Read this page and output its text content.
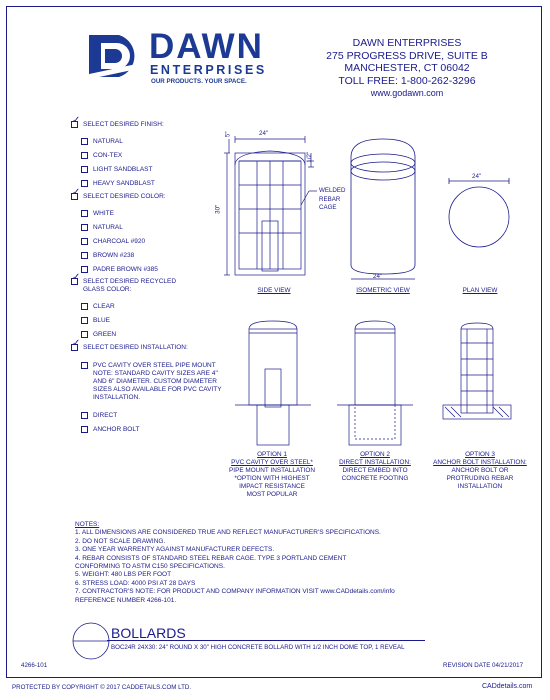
DAWN
ENTERPRISES
OUR PRODUCTS. YOUR SPACE.
DAWN ENTERPRISES
275 PROGRESS DRIVE, SUITE B
MANCHESTER, CT 06042
TOLL FREE: 1-800-262-3296
www.godawn.com
✓
SELECT DESIRED FINISH:
NATURAL
CON-TEX
LIGHT SANDBLAST
HEAVY SANDBLAST
✓
SELECT DESIRED COLOR:
WHITE
NATURAL
CHARCOAL #920
BROWN #238
PADRE BROWN #385
✓
SELECT DESIRED RECYCLED
GLASS COLOR:
CLEAR
BLUE
GREEN
✓
SELECT DESIRED INSTALLATION:
PVC CAVITY OVER STEEL PIPE MOUNT
NOTE: STANDARD CAVITY SIZES ARE 4"
AND 6" DIAMETER. CUSTOM DIAMETER
SIZES ALSO AVAILABLE FOR PVC CAVITY
INSTALLATION.
DIRECT
ANCHOR BOLT
24"
30"
5"
1/2"
WELDED
REBAR
CAGE
SIDE VIEW
24"
ISOMETRIC VIEW
24"
PLAN VIEW
OPTION 1
PVC CAVITY OVER STEEL*
PIPE MOUNT INSTALLATION
*OPTION WITH HIGHEST
IMPACT RESISTANCE
MOST POPULAR
OPTION 2
DIRECT INSTALLATION:
DIRECT EMBED INTO
CONCRETE FOOTING
OPTION 3
ANCHOR BOLT INSTALLATION:
ANCHOR BOLT OR
PROTRUDING REBAR
INSTALLATION
NOTES:
1. ALL DIMENSIONS ARE CONSIDERED TRUE AND REFLECT MANUFACTURER'S SPECIFICATIONS.
2. DO NOT SCALE DRAWING.
3. ONE YEAR WARRENTY AGAINST MANUFACTURER DEFECTS.
4. REBAR CONSISTS OF STANDARD STEEL REBAR CAGE. TYPE 3 PORTLAND CEMENT
CONFORMING TO ASTM C150 SPECIFICATIONS.
5. WEIGHT: 480 LBS PER FOOT
6. STRESS LOAD: 4000 PSI AT 28 DAYS
7. CONTRACTOR'S NOTE: FOR PRODUCT AND COMPANY INFORMATION VISIT www.CADdetails.com/info
REFERENCE NUMBER 4266-101.
BOLLARDS
BOC24R 24X30: 24" ROUND X 30" HIGH CONCRETE BOLLARD WITH 1/2 INCH DOME TOP, 1 REVEAL
4266-101	REVISION DATE 04/21/2017
PROTECTED BY COPYRIGHT © 2017 CADDETAILS.COM LTD.	CADdetails.com
